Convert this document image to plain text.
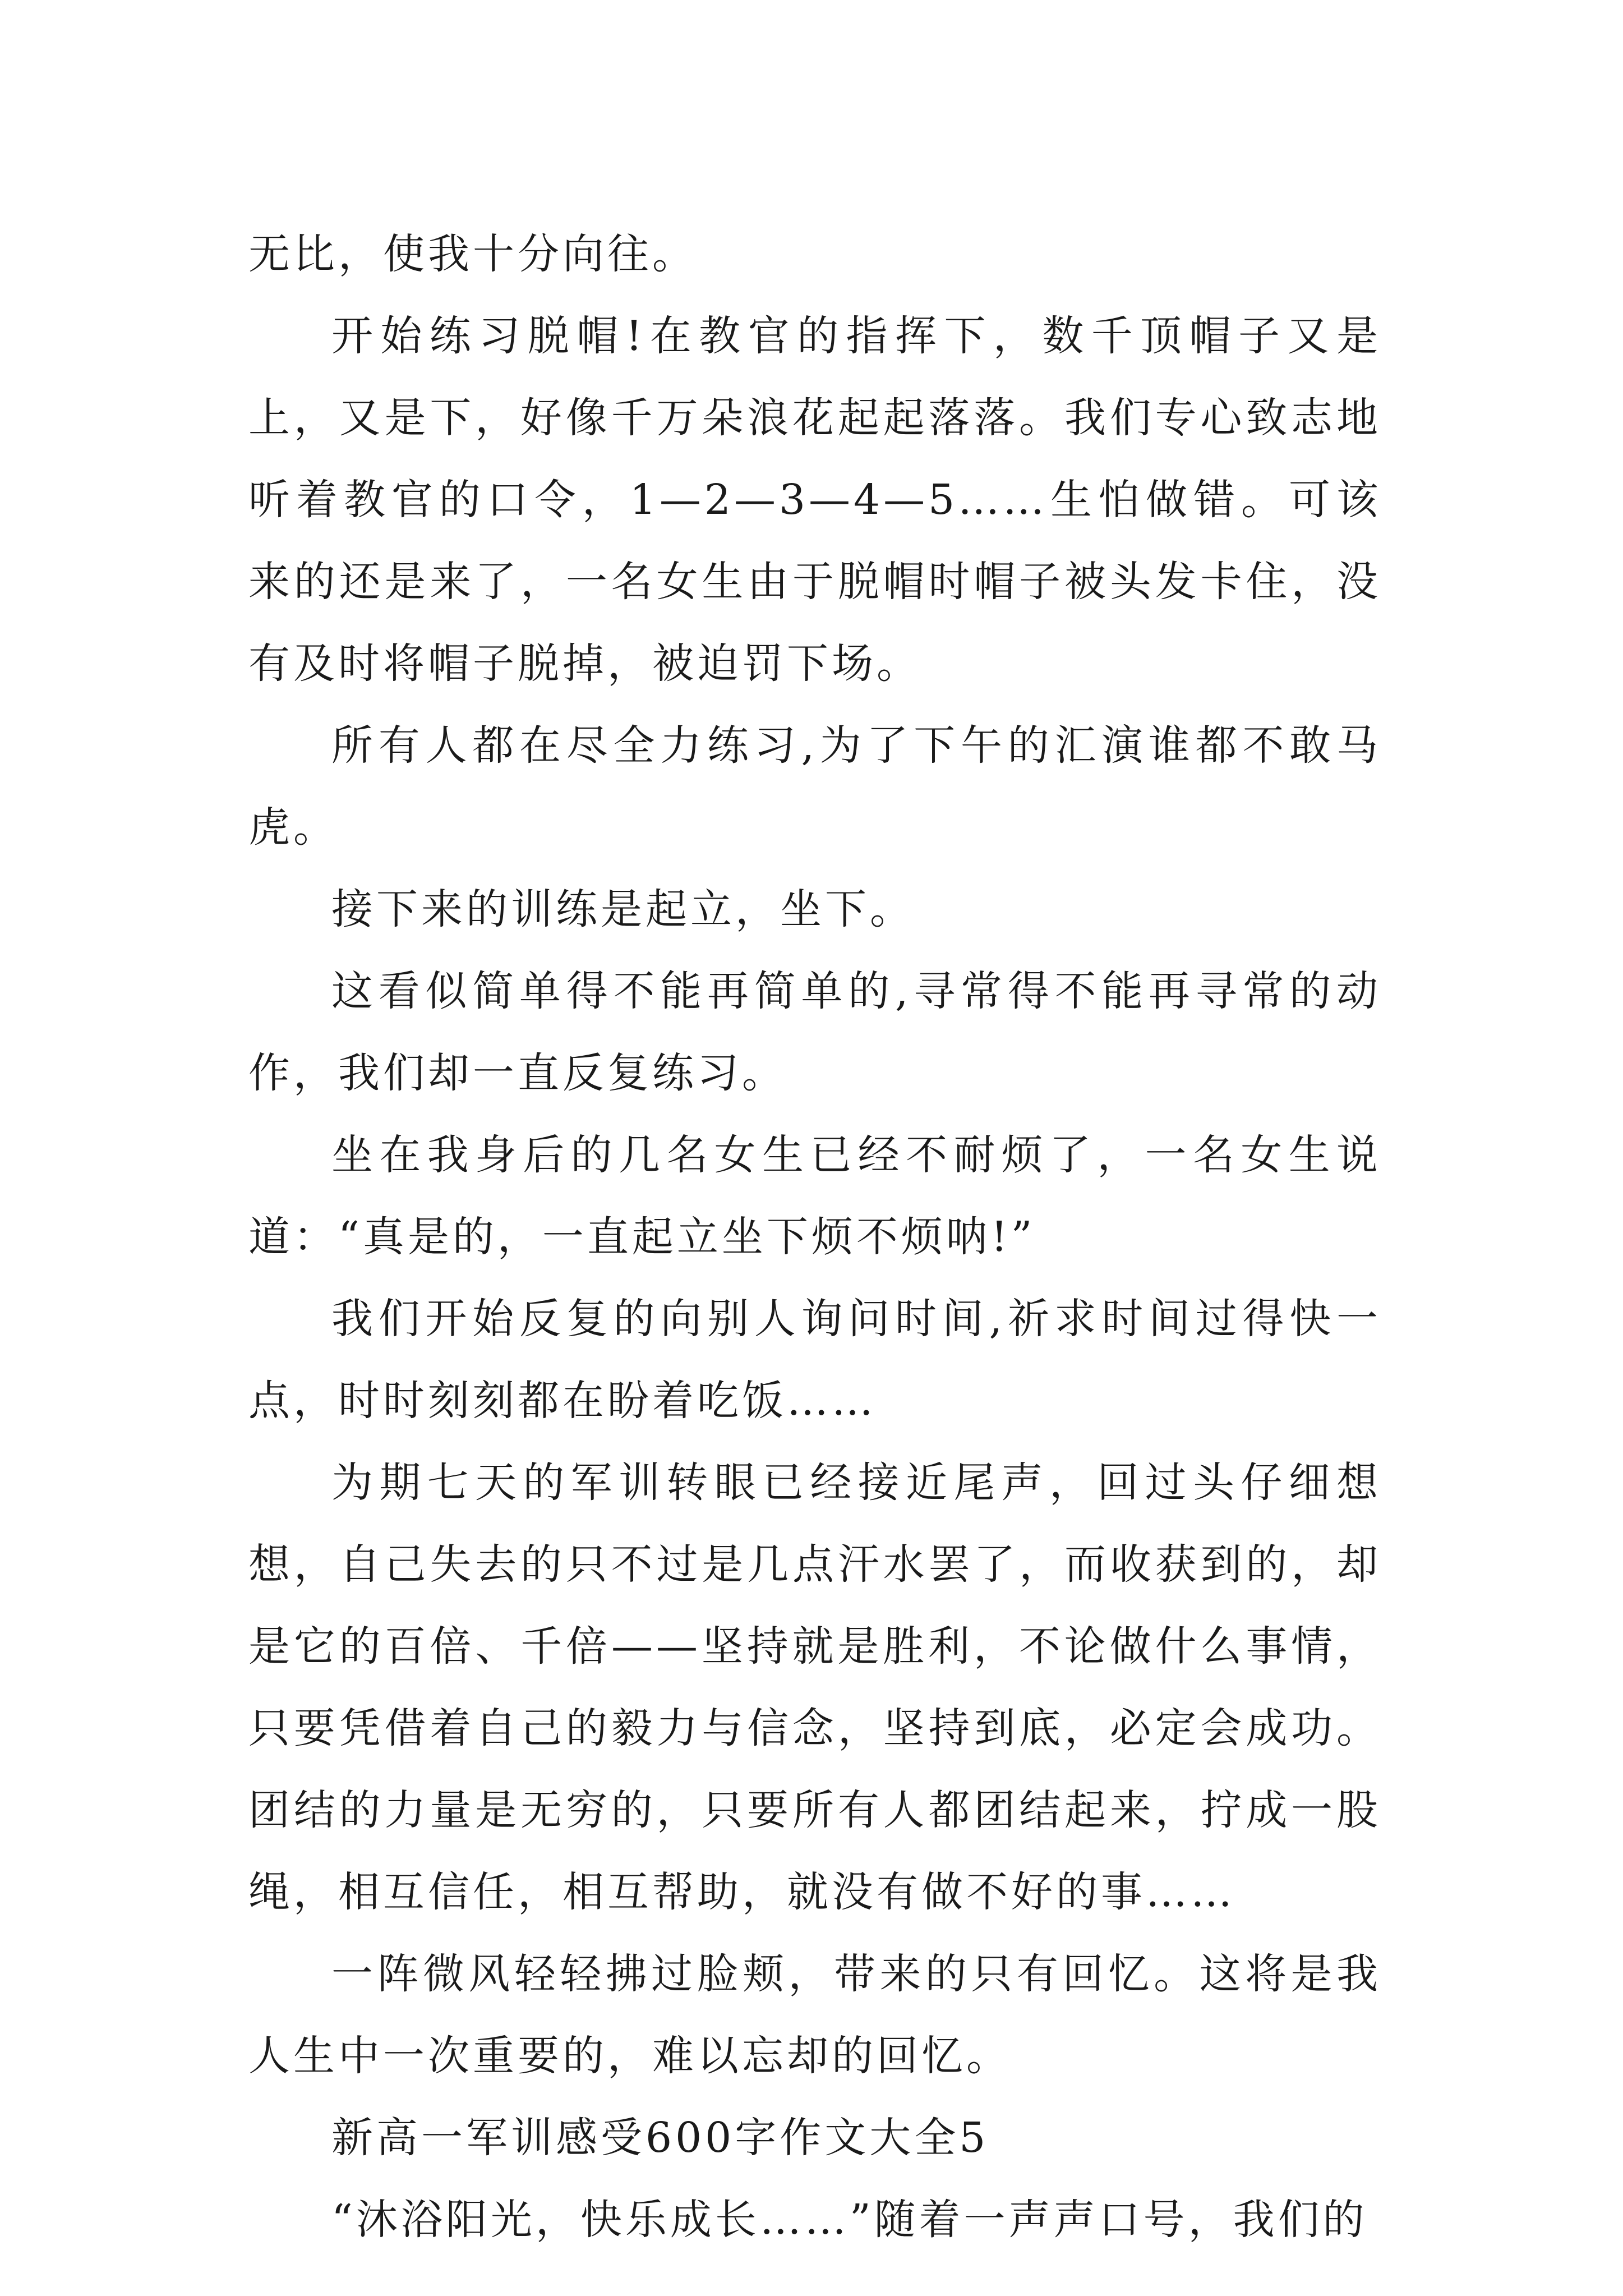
无比，使我十分向往。

开始练习脱帽!在教官的指挥下，数千顶帽子又是上，又是下，好像千万朵浪花起起落落。我们专心致志地听着教官的口令，1—2—3—4—5……生怕做错。可该来的还是来了，一名女生由于脱帽时帽子被头发卡住，没有及时将帽子脱掉，被迫罚下场。

所有人都在尽全力练习,为了下午的汇演谁都不敢马虎。

接下来的训练是起立，坐下。

这看似简单得不能再简单的,寻常得不能再寻常的动作，我们却一直反复练习。

坐在我身后的几名女生已经不耐烦了，一名女生说道：“真是的，一直起立坐下烦不烦呐!”

我们开始反复的向别人询问时间,祈求时间过得快一点，时时刻刻都在盼着吃饭……

为期七天的军训转眼已经接近尾声，回过头仔细想想，自己失去的只不过是几点汗水罢了，而收获到的，却是它的百倍、千倍——坚持就是胜利，不论做什么事情，只要凭借着自己的毅力与信念，坚持到底，必定会成功。团结的力量是无穷的，只要所有人都团结起来，拧成一股绳，相互信任，相互帮助，就没有做不好的事……

一阵微风轻轻拂过脸颊，带来的只有回忆。这将是我人生中一次重要的，难以忘却的回忆。

新高一军训感受600字作文大全5

“沐浴阳光，快乐成长……”随着一声声口号，我们的
